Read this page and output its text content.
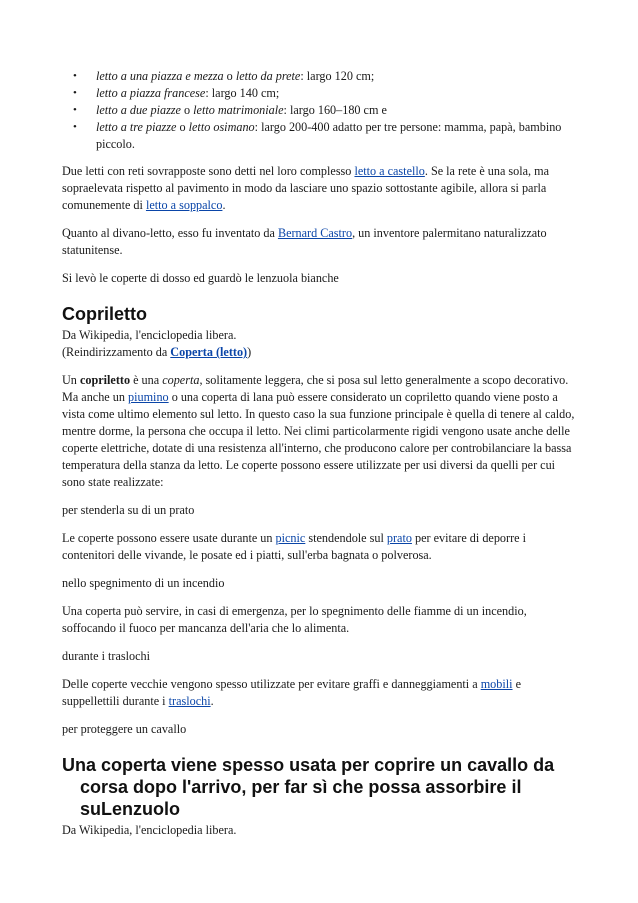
• letto a una piazza e mezza o letto da prete: largo 120 cm;
• letto a piazza francese: largo 140 cm;
• letto a due piazze o letto matrimoniale: largo 160–180 cm e
• letto a tre piazze o letto osimano: largo 200-400 adatto per tre persone: mamma, papà, bambino piccolo.

Due letti con reti sovrapposte sono detti nel loro complesso letto a castello. Se la rete è una sola, ma sopraelevata rispetto al pavimento in modo da lasciare uno spazio sottostante agibile, allora si parla comunemente di letto a soppalco.

Quanto al divano-letto, esso fu inventato da Bernard Castro, un inventore palermitano naturalizzato statunitense.

Si levò le coperte di dosso ed guardò le lenzuola bianche

Copriletto
Da Wikipedia, l'enciclopedia libera.

(Reindirizzamento da Coperta (letto))

Un copriletto è una coperta, solitamente leggera, che si posa sul letto generalmente a scopo decorativo. Ma anche un piumino o una coperta di lana può essere considerato un copriletto quando viene posto a vista come ultimo elemento sul letto. In questo caso la sua funzione principale è quella di tenere al caldo, mentre dorme, la persona che occupa il letto. Nei climi particolarmente rigidi vengono usate anche delle coperte elettriche, dotate di una resistenza all'interno, che producono calore per controbilanciare la bassa temperatura della stanza da letto. Le coperte possono essere utilizzate per usi diversi da quelli per cui sono state realizzate:

per stenderla su di un prato

Le coperte possono essere usate durante un picnic stendendole sul prato per evitare di deporre i contenitori delle vivande, le posate ed i piatti, sull'erba bagnata o polverosa.

nello spegnimento di un incendio

Una coperta può servire, in casi di emergenza, per lo spegnimento delle fiamme di un incendio, soffocando il fuoco per mancanza dell'aria che lo alimenta.

durante i traslochi

Delle coperte vecchie vengono spesso utilizzate per evitare graffi e danneggiamenti a mobili e suppellettili durante i traslochi.

per proteggere un cavallo

Una coperta viene spesso usata per coprire un cavallo da corsa dopo l'arrivo, per far sì che possa assorbire il suLenzuolo
Da Wikipedia, l'enciclopedia libera.
